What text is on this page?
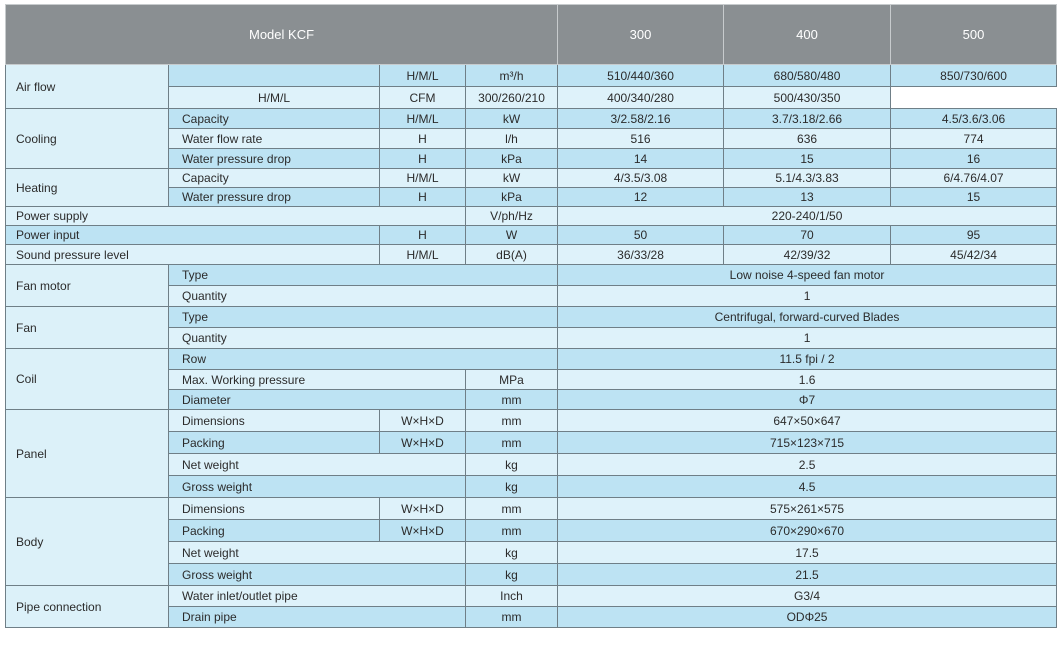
Model KCF				300	400	500
Air flow		H/M/L	m³/h	510/440/360	680/580/480	850/730/600
	H/M/L	CFM	300/260/210	400/340/280	500/430/350	
Cooling	Capacity	H/M/L	kW	3/2.58/2.16	3.7/3.18/2.66	4.5/3.6/3.06
	Water flow rate	H	l/h	516	636	774
	Water pressure drop	H	kPa	14	15	16
Heating	Capacity	H/M/L	kW	4/3.5/3.08	5.1/4.3/3.83	6/4.76/4.07
	Water pressure drop	H	kPa	12	13	15
Power supply			V/ph/Hz	220-240/1/50		
Power input		H	W	50	70	95
Sound pressure level		H/M/L	dB(A)	36/33/28	42/39/32	45/42/34
Fan motor	Type			Low noise 4-speed fan motor		
	Quantity			1		
Fan	Type			Centrifugal, forward-curved Blades		
	Quantity			1		
Coil	Row			11.5 fpi / 2		
	Max. Working pressure		MPa	1.6		
	Diameter		mm	Φ7		
Panel	Dimensions	W×H×D	mm	647×50×647		
	Packing	W×H×D	mm	715×123×715		
	Net weight		kg	2.5		
	Gross weight		kg	4.5		
Body	Dimensions	W×H×D	mm	575×261×575		
	Packing	W×H×D	mm	670×290×670		
	Net weight		kg	17.5		
	Gross weight		kg	21.5		
Pipe connection	Water inlet/outlet pipe		Inch	G3/4		
	Drain pipe		mm	ODΦ25		
